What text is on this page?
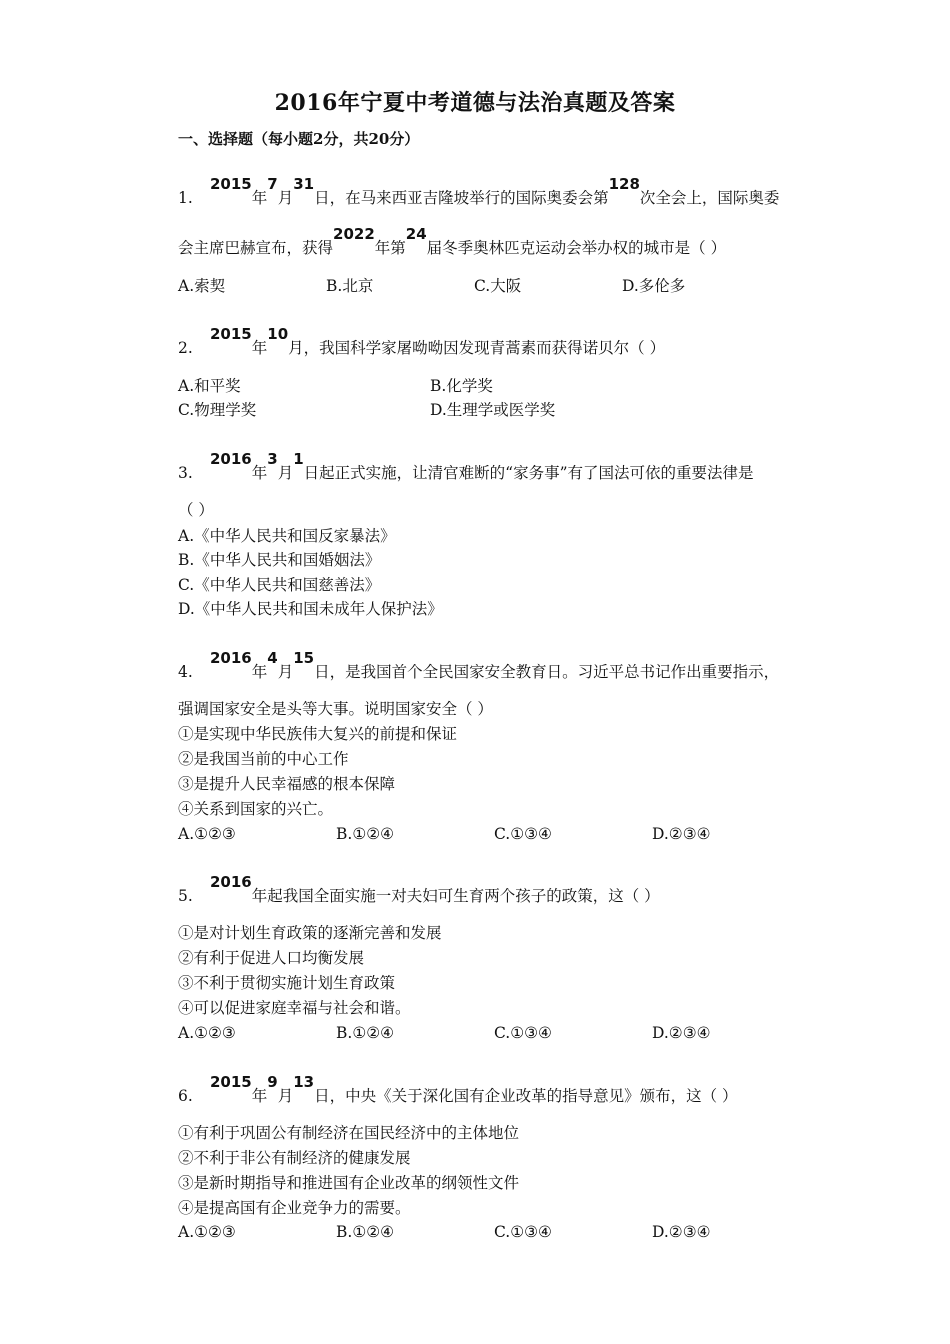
2016年宁夏中考道德与法治真题及答案
一、选择题（每小题2分，共20分）
1.2015年7月31日，在马来西亚吉隆坡举行的国际奥委会第128次全会上，国际奥委
会主席巴赫宣布，获得2022年第24届冬季奥林匹克运动会举办权的城市是（ ）
A.索契	B.北京	C.大阪	D.多伦多
2.2015年10月，我国科学家屠呦呦因发现青蒿素而获得诺贝尔（ ）
A.和平奖	B.化学奖
C.物理学奖	D.生理学或医学奖
3.2016年3月1日起正式实施，让清官难断的“家务事”有了国法可依的重要法律是
（ ）
A.《中华人民共和国反家暴法》
B.《中华人民共和国婚姻法》
C.《中华人民共和国慈善法》
D.《中华人民共和国未成年人保护法》
4.2016年4月15日，是我国首个全民国家安全教育日。习近平总书记作出重要指示，
强调国家安全是头等大事。说明国家安全（ ）
①是实现中华民族伟大复兴的前提和保证
②是我国当前的中心工作
③是提升人民幸福感的根本保障
④关系到国家的兴亡。
A.①②③	B.①②④	C.①③④	D.②③④
5.2016年起我国全面实施一对夫妇可生育两个孩子的政策，这（ ）
①是对计划生育政策的逐渐完善和发展
②有利于促进人口均衡发展
③不利于贯彻实施计划生育政策
④可以促进家庭幸福与社会和谐。
A.①②③	B.①②④	C.①③④	D.②③④
6.2015年9月13日，中央《关于深化国有企业改革的指导意见》颁布，这（ ）
①有利于巩固公有制经济在国民经济中的主体地位
②不利于非公有制经济的健康发展
③是新时期指导和推进国有企业改革的纲领性文件
④是提高国有企业竞争力的需要。
A.①②③	B.①②④	C.①③④	D.②③④
